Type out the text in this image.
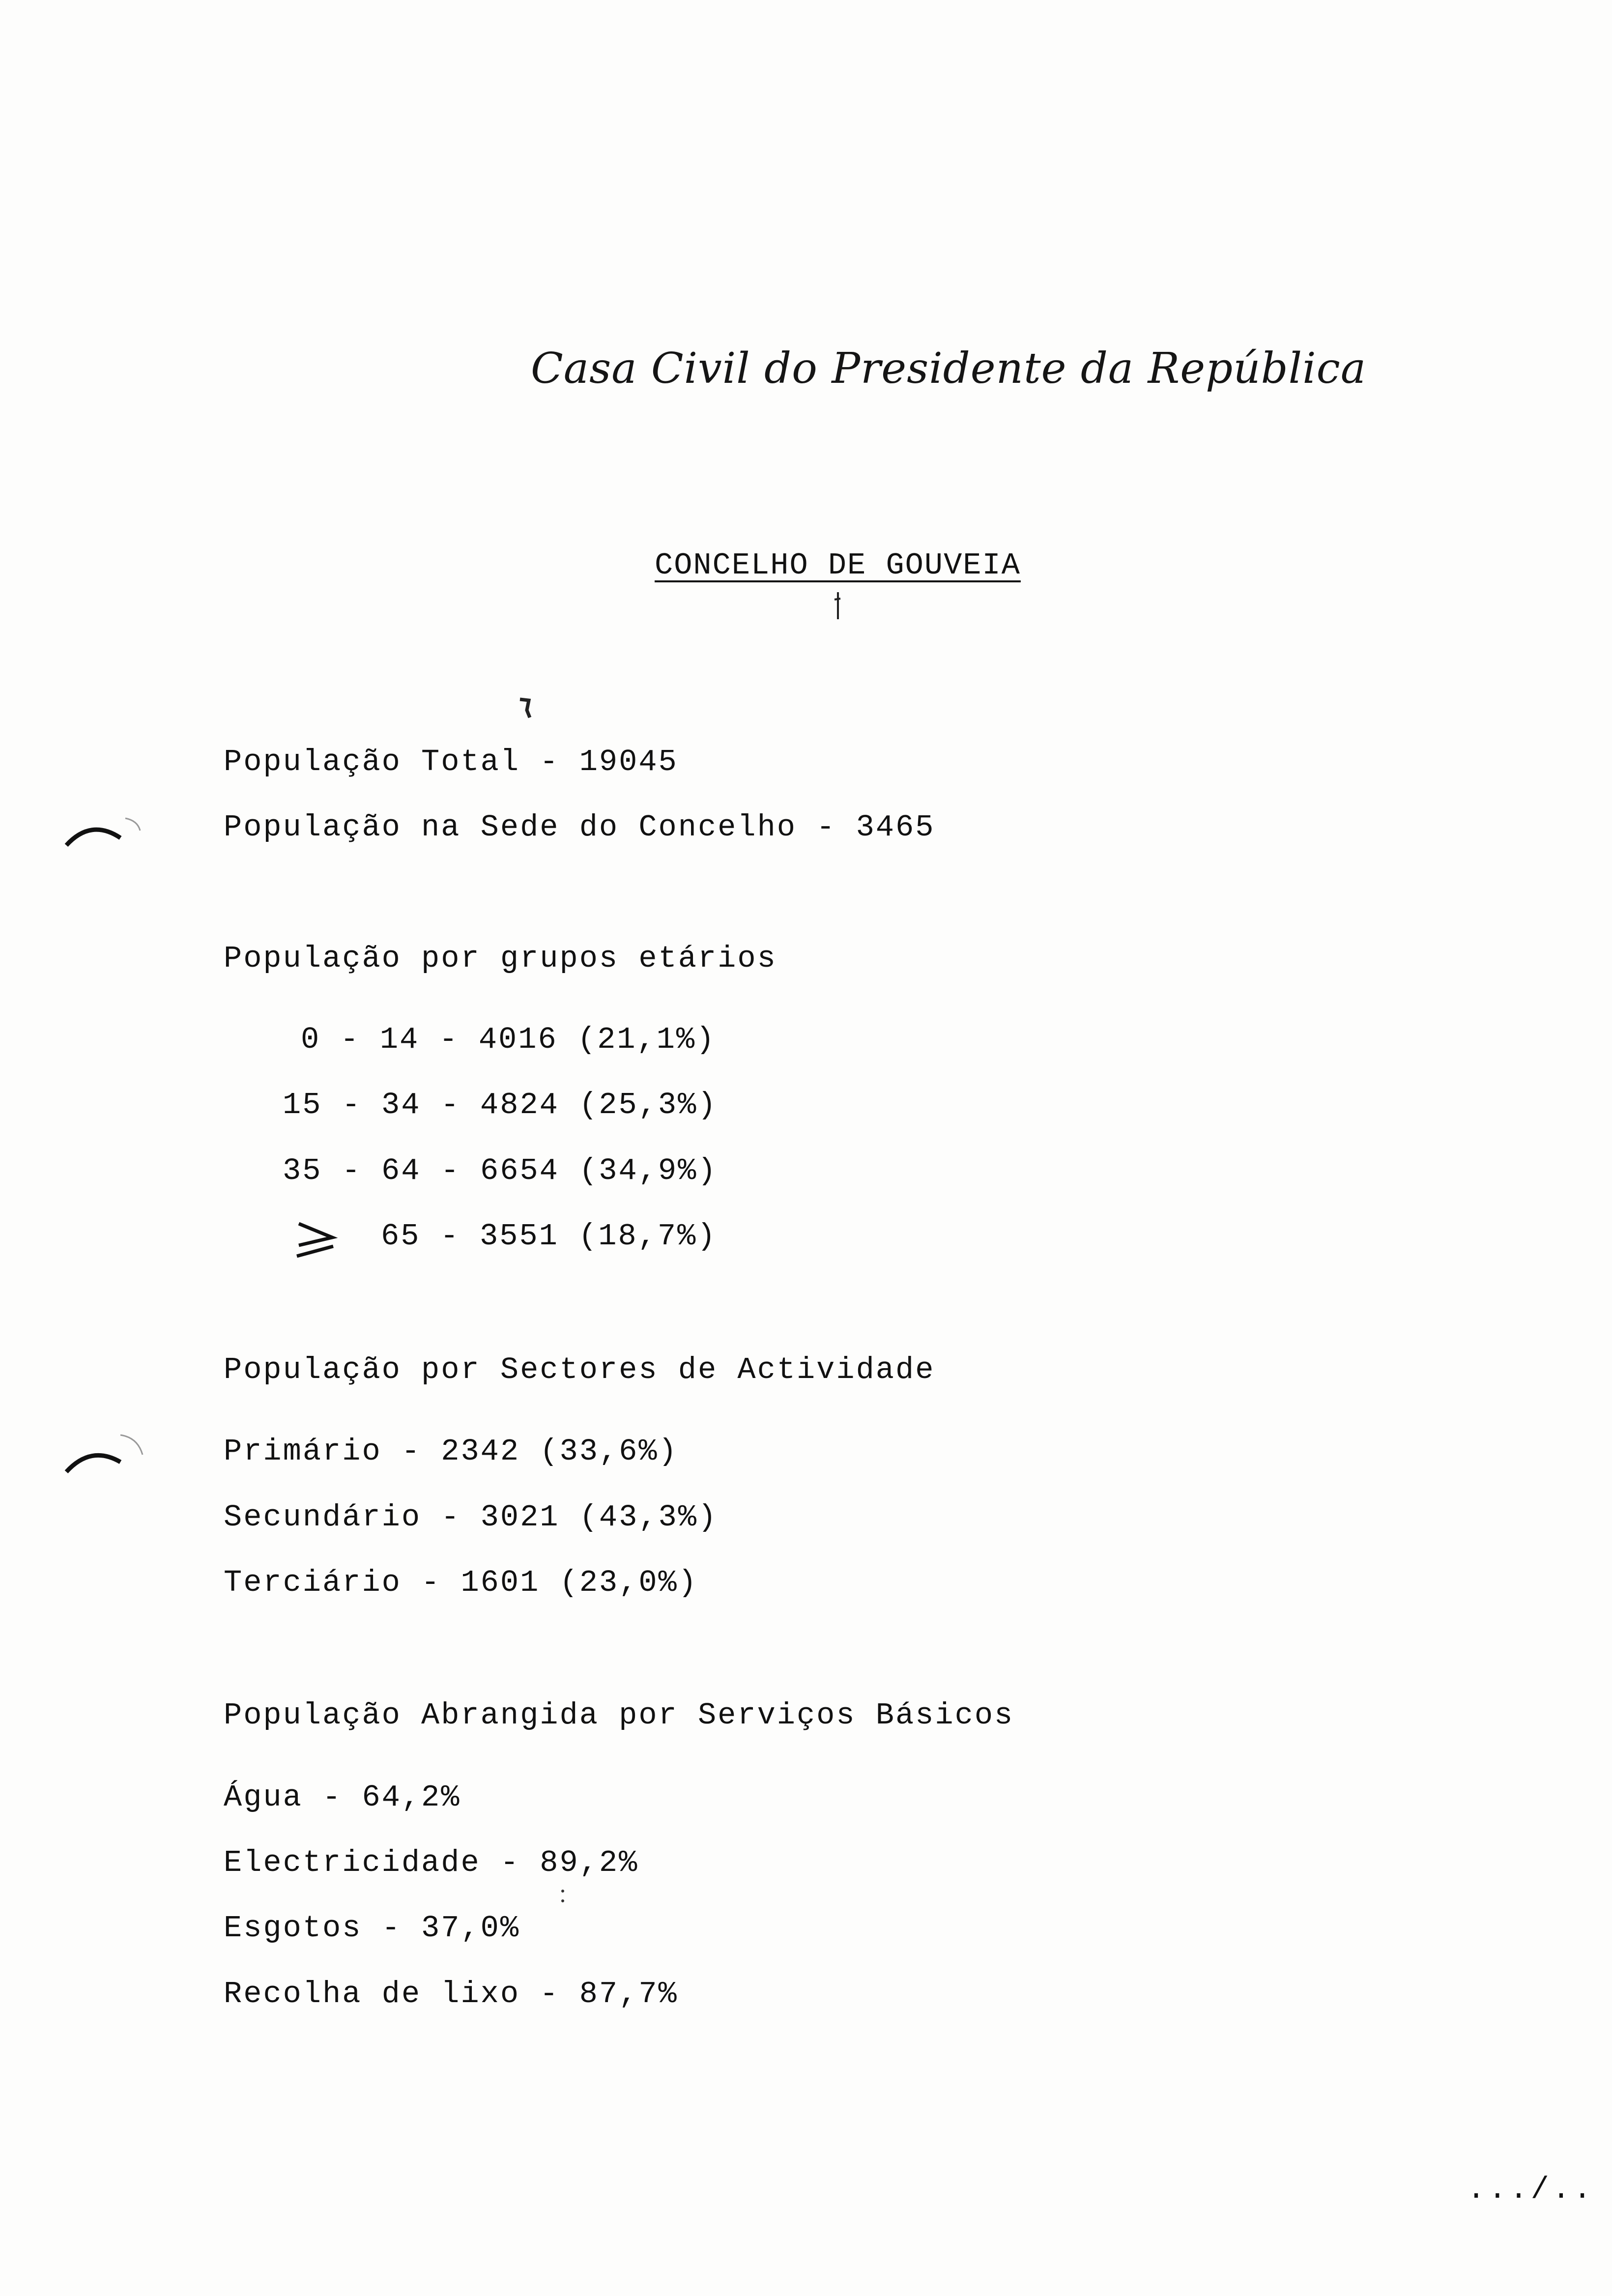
Casa Civil do Presidente da República
CONCELHO DE GOUVEIA
População Total - 19045
População na Sede do Concelho - 3465
População por grupos etários
0 - 14 - 4016 (21,1%)
15 - 34 - 4824 (25,3%)
35 - 64 - 6654 (34,9%)
65 - 3551 (18,7%)
População por Sectores de Actividade
Primário - 2342 (33,6%)
Secundário - 3021 (43,3%)
Terciário - 1601 (23,0%)
População Abrangida por Serviços Básicos
Água - 64,2%
Electricidade - 89,2%
Esgotos - 37,0%
Recolha de lixo - 87,7%
.../..
